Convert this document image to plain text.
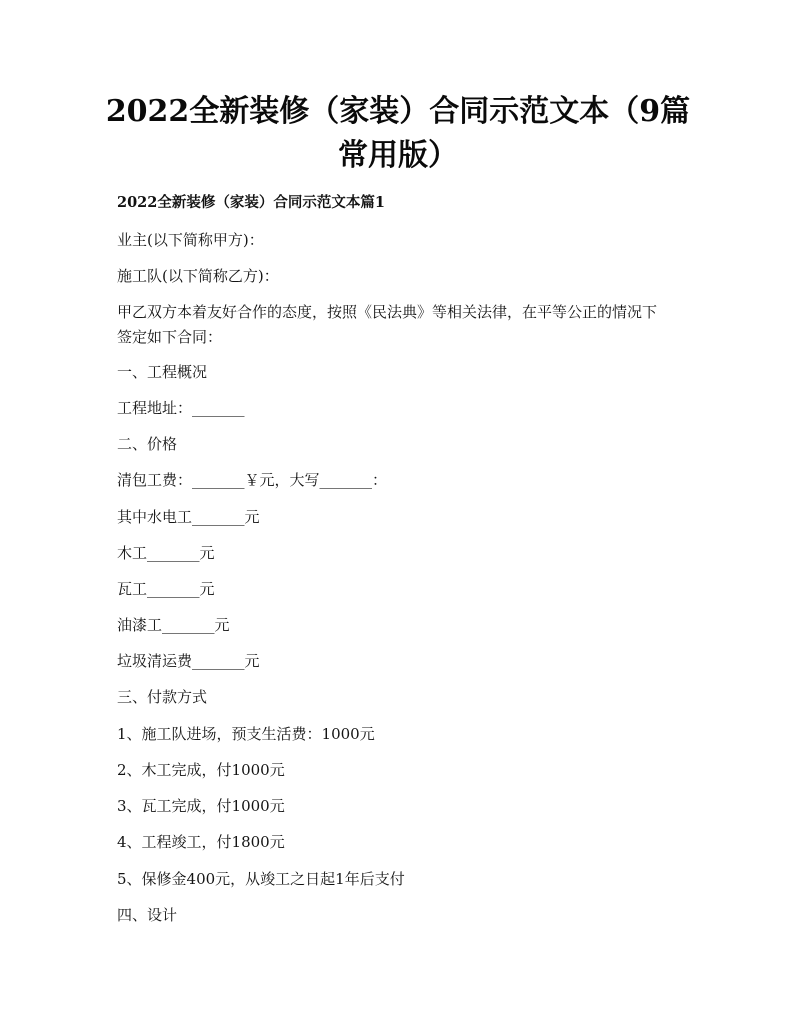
2022全新装修（家装）合同示范文本（9篇
常用版）
2022全新装修（家装）合同示范文本篇1
业主(以下简称甲方)：
施工队(以下简称乙方)：
甲乙双方本着友好合作的态度，按照《民法典》等相关法律，在平等公正的情况下
签定如下合同：
一、工程概况
工程地址：_______
二、价格
清包工费：_______￥元，大写_______：
其中水电工_______元
木工_______元
瓦工_______元
油漆工_______元
垃圾清运费_______元
三、付款方式
1、施工队进场，预支生活费：1000元
2、木工完成，付1000元
3、瓦工完成，付1000元
4、工程竣工，付1800元
5、保修金400元，从竣工之日起1年后支付
四、设计
